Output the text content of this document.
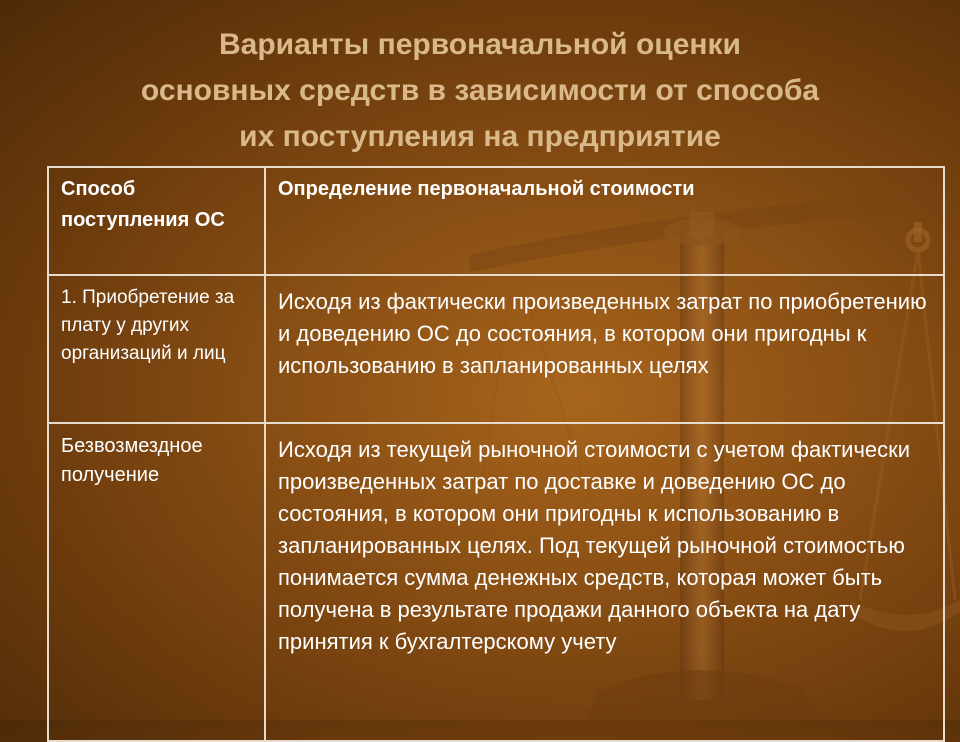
Варианты первоначальной оценки
основных средств в зависимости от способа
их поступления на предприятие
Способ поступления ОС	Определение первоначальной стоимости
1. Приобретение за плату у других организаций и лиц	Исходя из фактически произведенных затрат по приобретению и доведению ОС до состояния, в котором они пригодны к использованию в запланированных целях
Безвозмездное получение	Исходя из текущей рыночной стоимости с учетом фактически произведенных затрат по доставке и доведению ОС до состояния, в котором они пригодны к использованию в запланированных целях. Под текущей рыночной стоимостью понимается сумма денежных средств, которая может быть получена в результате продажи данного объекта на дату принятия к бухгалтерскому учету
